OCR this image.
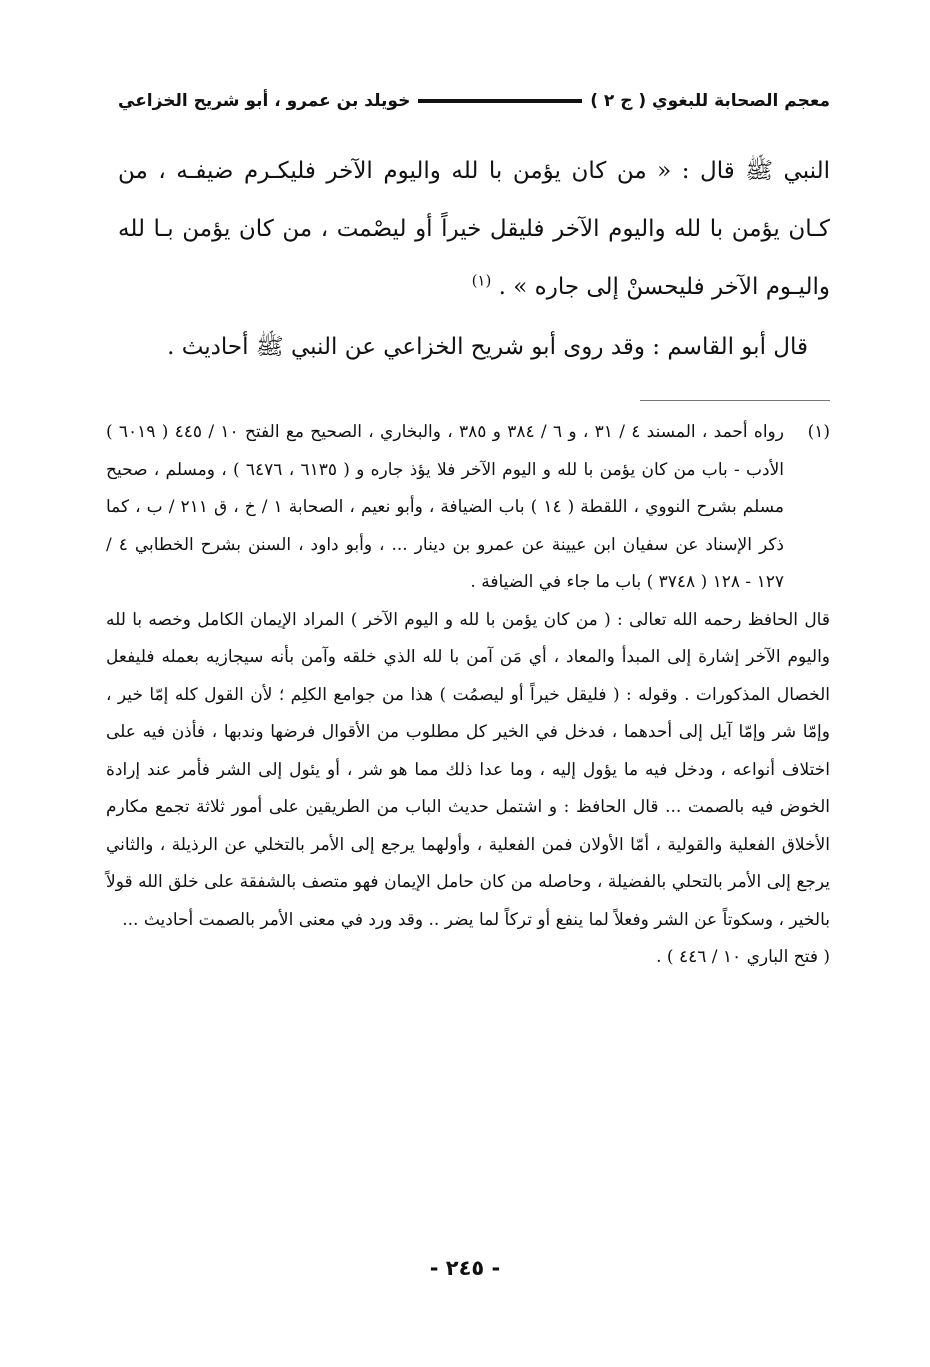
معجم الصحابة للبغوي ( ج ٢ )
خويلد بن عمرو ، أبو شريح الخزاعي

النبي ﷺ قال : « من كان يؤمن با لله واليوم الآخر فليكـرم ضيفـه ، من كـان يؤمن با لله واليوم الآخر فليقل خيراً أو ليصْمت ، من كان يؤمن بـا لله واليـوم الآخر فليحسنْ إلى جاره » . $^{(١)}$

قال أبو القاسم : وقد روى أبو شريح الخزاعي عن النبي ﷺ أحاديث .

(١)
رواه أحمد ، المسند ٤ / ٣١ ، و ٦ / ٣٨٤ و ٣٨٥ ، والبخاري ، الصحيح مع الفتح ١٠ / ٤٤٥ ( ٦٠١٩ ) الأدب - باب من كان يؤمن با لله و اليوم الآخر فلا يؤذ جاره و ( ٦١٣٥ ، ٦٤٧٦ ) ، ومسلم ، صحيح مسلم بشرح النووي ، اللقطة ( ١٤ ) باب الضيافة ، وأبو نعيم ، الصحابة ١ / خ ، ق ٢١١ / ب ، كما ذكر الإسناد عن سفيان ابن عيينة عن عمرو بن دينار ... ، وأبو داود ، السنن بشرح الخطابي ٤ / ١٢٧ - ١٢٨ ( ٣٧٤٨ ) باب ما جاء في الضيافة .

قال الحافظ رحمه الله تعالى : ( من كان يؤمن با لله و اليوم الآخر ) المراد الإيمان الكامل وخصه با لله واليوم الآخر إشارة إلى المبدأ والمعاد ، أي مَن آمن با لله الذي خلقه وآمن بأنه سيجازيه بعمله فليفعل الخصال المذكورات . وقوله : ( فليقل خيراً أو ليصمُت ) هذا من جوامع الكلِم ؛ لأن القول كله إمّا خير ، وإمّا شر وإمّا آيل إلى أحدهما ، فدخل في الخير كل مطلوب من الأقوال فرضها وندبها ، فأذن فيه على اختلاف أنواعه ، ودخل فيه ما يؤول إليه ، وما عدا ذلك مما هو شر ، أو يئول إلى الشر فأمر عند إرادة الخوض فيه بالصمت ... قال الحافظ : و اشتمل حديث الباب من الطريقين على أمور ثلاثة تجمع مكارم الأخلاق الفعلية والقولية ، أمّا الأولان فمن الفعلية ، وأولهما يرجع إلى الأمر بالتخلي عن الرذيلة ، والثاني يرجع إلى الأمر بالتحلي بالفضيلة ، وحاصله من كان حامل الإيمان فهو متصف بالشفقة على خلق الله قولاً بالخير ، وسكوتاً عن الشر وفعلاً لما ينفع أو تركاً لما يضر .. وقد ورد في معنى الأمر بالصمت أحاديث ...

( فتح الباري ١٠ / ٤٤٦ ) .

- ٢٤٥ -
